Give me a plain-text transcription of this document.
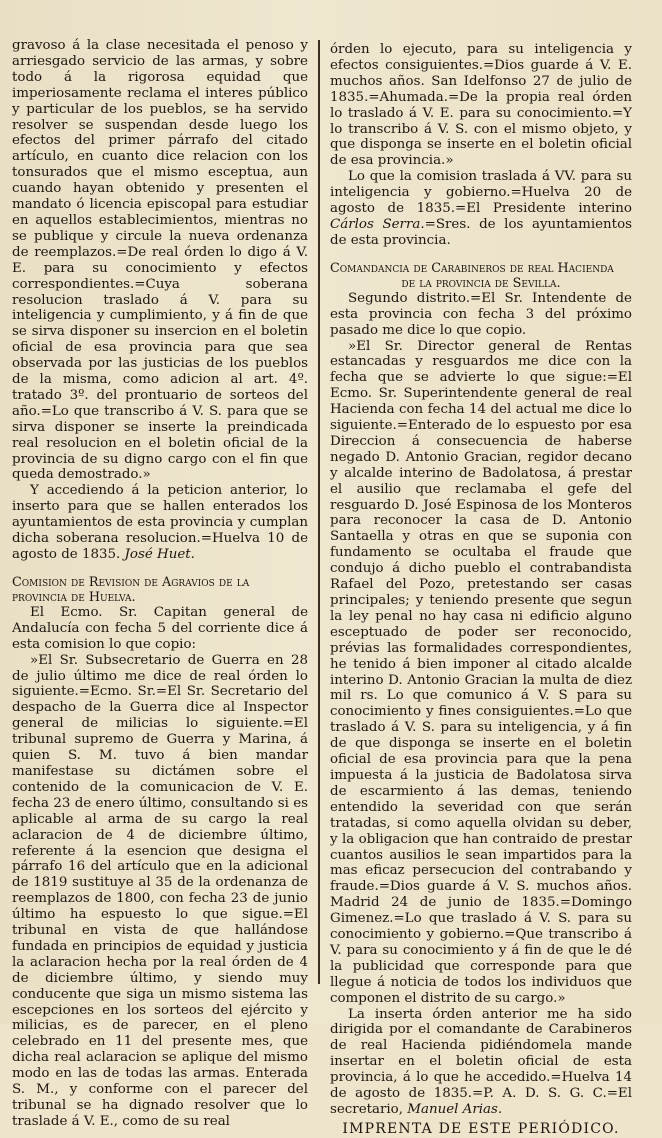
gravoso á la clase necesitada el penoso y arriesgado servicio de las armas, y sobre todo á la rigorosa equidad que imperiosamente reclama el interes público y particular de los pueblos, se ha servido resolver se suspendan desde luego los efectos del primer párrafo del citado artículo, en cuanto dice relacion con los tonsurados que el mismo esceptua, aun cuando hayan obtenido y presenten el mandato ó licencia episcopal para estudiar en aquellos establecimientos, mientras no se publique y circule la nueva ordenanza de reemplazos.=De real órden lo digo á V. E. para su conocimiento y efectos correspondientes.=Cuya soberana resolucion traslado á V. para su inteligencia y cumplimiento, y á fin de que se sirva disponer su insercion en el boletin oficial de esa provincia para que sea observada por las justicias de los pueblos de la misma, como adicion al art. 4º. tratado 3º. del prontuario de sorteos del año.=Lo que transcribo á V. S. para que se sirva disponer se inserte la preindicada real resolucion en el boletin oficial de la provincia de su digno cargo con el fin que queda demostrado.»

Y accediendo á la peticion anterior, lo inserto para que se hallen enterados los ayuntamientos de esta provincia y cumplan dicha soberana resolucion.=Huelva 10 de agosto de 1835. José Huet.

Comision de Revision de Agravios de la provincia de Huelva.

El Ecmo. Sr. Capitan general de Andalucía con fecha 5 del corriente dice á esta comision lo que copio:

»El Sr. Subsecretario de Guerra en 28 de julio último me dice de real órden lo siguiente.=Ecmo. Sr.=El Sr. Secretario del despacho de la Guerra dice al Inspector general de milicias lo siguiente.=El tribunal supremo de Guerra y Marina, á quien S. M. tuvo á bien mandar manifestase su dictámen sobre el contenido de la comunicacion de V. E. fecha 23 de enero último, consultando si es aplicable al arma de su cargo la real aclaracion de 4 de diciembre último, referente á la esencion que designa el párrafo 16 del artículo que en la adicional de 1819 sustituye al 35 de la ordenanza de reemplazos de 1800, con fecha 23 de junio último ha espuesto lo que sigue.=El tribunal en vista de que hallándose fundada en principios de equidad y justicia la aclaracion hecha por la real órden de 4 de diciembre último, y siendo muy conducente que siga un mismo sistema las escepciones en los sorteos del ejército y milicias, es de parecer, en el pleno celebrado en 11 del presente mes, que dicha real aclaracion se aplique del mismo modo en las de todas las armas. Enterada S. M., y conforme con el parecer del tribunal se ha dignado resolver que lo traslade á V. E., como de su real

órden lo ejecuto, para su inteligencia y efectos consiguientes.=Dios guarde á V. E. muchos años. San Idelfonso 27 de julio de 1835.=Ahumada.=De la propia real órden lo traslado á V. E. para su conocimiento.=Y lo transcribo á V. S. con el mismo objeto, y que disponga se inserte en el boletin oficial de esa provincia.»

Lo que la comision traslada á VV. para su inteligencia y gobierno.=Huelva 20 de agosto de 1835.=El Presidente interino Cárlos Serra.=Sres. de los ayuntamientos de esta provincia.

Comandancia de Carabineros de real Hacienda
de la provincia de Sevilla.

Segundo distrito.=El Sr. Intendente de esta provincia con fecha 3 del próximo pasado me dice lo que copio.

»El Sr. Director general de Rentas estancadas y resguardos me dice con la fecha que se advierte lo que sigue:=El Ecmo. Sr. Superintendente general de real Hacienda con fecha 14 del actual me dice lo siguiente.=Enterado de lo espuesto por esa Direccion á consecuencia de haberse negado D. Antonio Gracian, regidor decano y alcalde interino de Badolatosa, á prestar el ausilio que reclamaba el gefe del resguardo D. José Espinosa de los Monteros para reconocer la casa de D. Antonio Santaella y otras en que se suponia con fundamento se ocultaba el fraude que condujo á dicho pueblo el contrabandista Rafael del Pozo, pretestando ser casas principales; y teniendo presente que segun la ley penal no hay casa ni edificio alguno esceptuado de poder ser reconocido, prévias las formalidades correspondientes, he tenido á bien imponer al citado alcalde interino D. Antonio Gracian la multa de diez mil rs. Lo que comunico á V. S para su conocimiento y fines consiguientes.=Lo que traslado á V. S. para su inteligencia, y á fin de que disponga se inserte en el boletin oficial de esa provincia para que la pena impuesta á la justicia de Badolatosa sirva de escarmiento á las demas, teniendo entendido la severidad con que serán tratadas, si como aquella olvidan su deber, y la obligacion que han contraido de prestar cuantos ausilios le sean impartidos para la mas eficaz persecucion del contrabando y fraude.=Dios guarde á V. S. muchos años. Madrid 24 de junio de 1835.=Domingo Gimenez.=Lo que traslado á V. S. para su conocimiento y gobierno.=Que transcribo á V. para su conocimiento y á fin de que le dé la publicidad que corresponde para que llegue á noticia de todos los individuos que componen el distrito de su cargo.»

La inserta órden anterior me ha sido dirigida por el comandante de Carabineros de real Hacienda pidiéndomela mande insertar en el boletin oficial de esta provincia, á lo que he accedido.=Huelva 14 de agosto de 1835.=P. A. D. S. G. C.=El secretario, Manuel Arias.

IMPRENTA DE ESTE PERIÓDICO.
